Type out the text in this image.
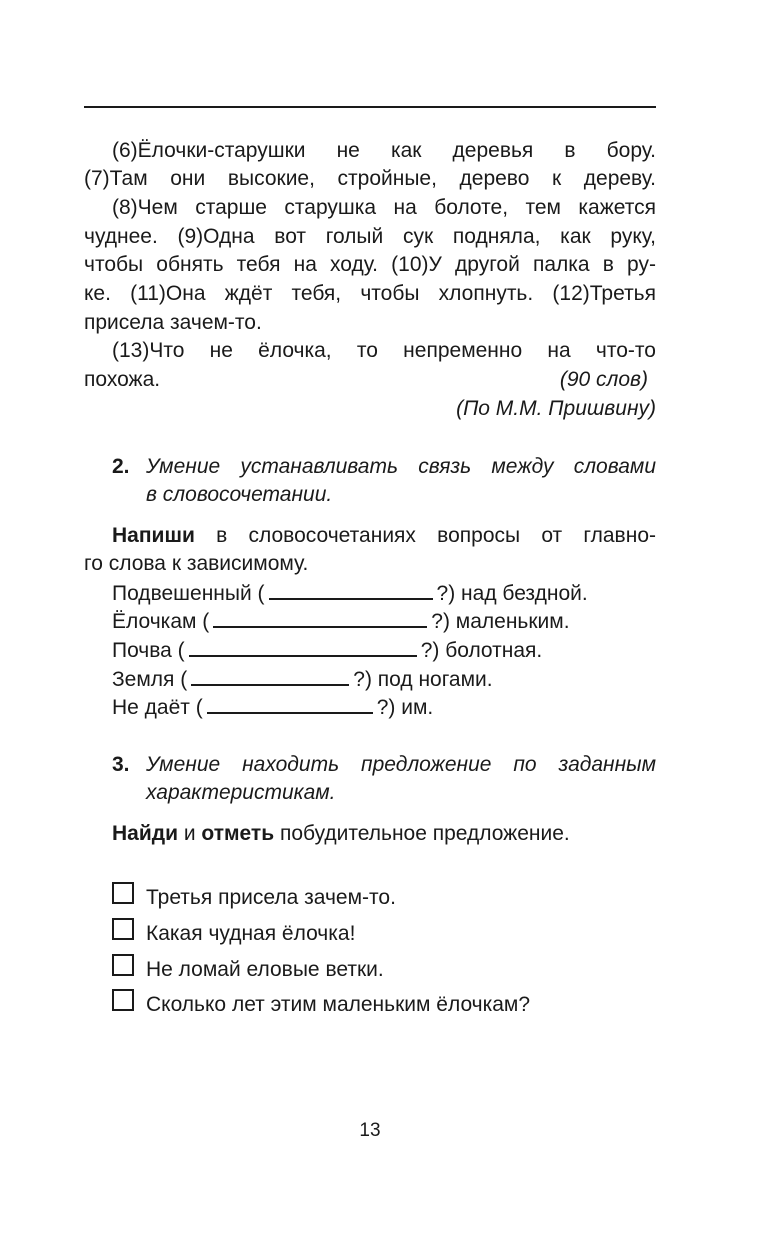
(6)Ёлочки-старушки не как деревья в бору.
(7)Там они высокие, стройные, дерево к дереву.
(8)Чем старше старушка на болоте, тем кажется
чуднее. (9)Одна вот голый сук подняла, как руку,
чтобы обнять тебя на ходу. (10)У другой палка в ру-
ке. (11)Она ждёт тебя, чтобы хлопнуть. (12)Третья
присела зачем-то.
(13)Что не ёлочка, то непременно на что-то
похожа.	(90 слов)
(По М.М. Пришвину)
2. Умение устанавливать связь между словами
в словосочетании.
Напиши в словосочетаниях вопросы от главно-
го слова к зависимому.
Подвешенный (	?) над бездной.
Ёлочкам (	?) маленьким.
Почва (	?) болотная.
Земля (	?) под ногами.
Не даёт (	?) им.
3. Умение находить предложение по заданным
характеристикам.
Найди и отметь побудительное предложение.
Третья присела зачем-то.
Какая чудная ёлочка!
Не ломай еловые ветки.
Сколько лет этим маленьким ёлочкам?
13
